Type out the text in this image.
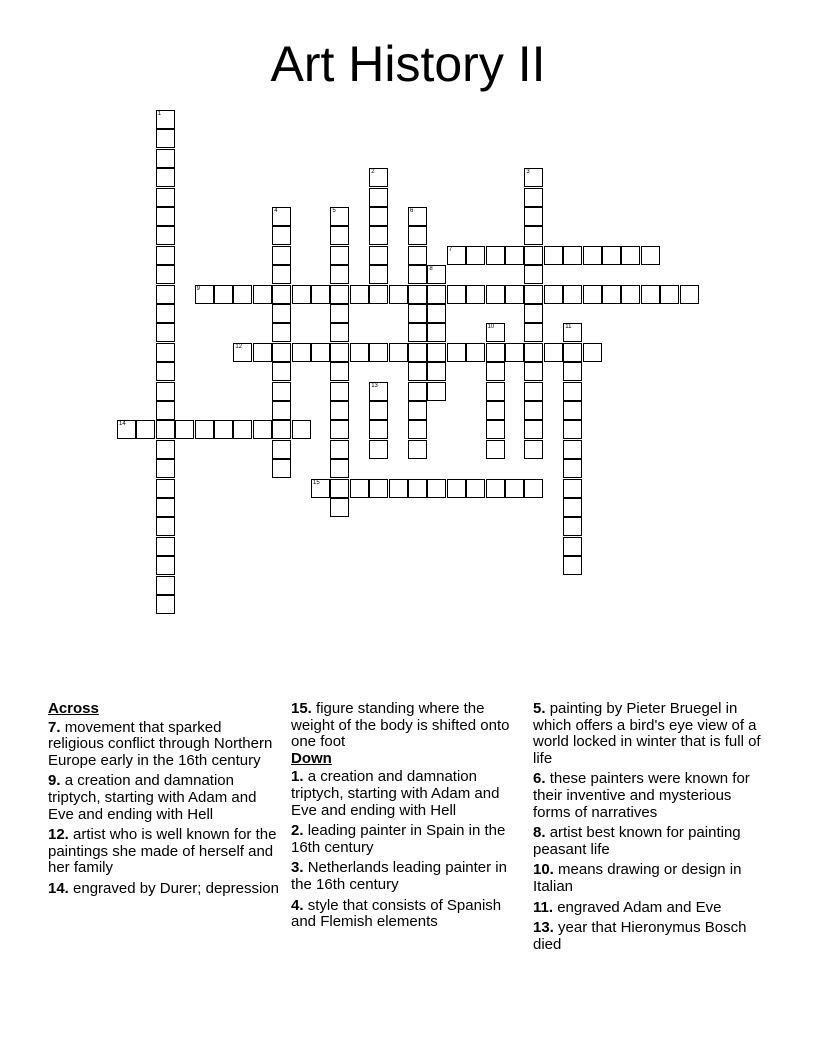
Art History II
1
2	3
4	5	6
7
8
9
10	11
12
13
14
15
Across
7. movement that sparked religious conflict through Northern Europe early in the 16th century
9. a creation and damnation triptych, starting with Adam and Eve and ending with Hell
12. artist who is well known for the paintings she made of herself and her family
14. engraved by Durer; depression
15. figure standing where the weight of the body is shifted onto one foot
Down
1. a creation and damnation triptych, starting with Adam and Eve and ending with Hell
2. leading painter in Spain in the 16th century
3. Netherlands leading painter in the 16th century
4. style that consists of Spanish and Flemish elements
5. painting by Pieter Bruegel in which offers a bird's eye view of a world locked in winter that is full of life
6. these painters were known for their inventive and mysterious forms of narratives
8. artist best known for painting peasant life
10. means drawing or design in Italian
11. engraved Adam and Eve
13. year that Hieronymus Bosch died
